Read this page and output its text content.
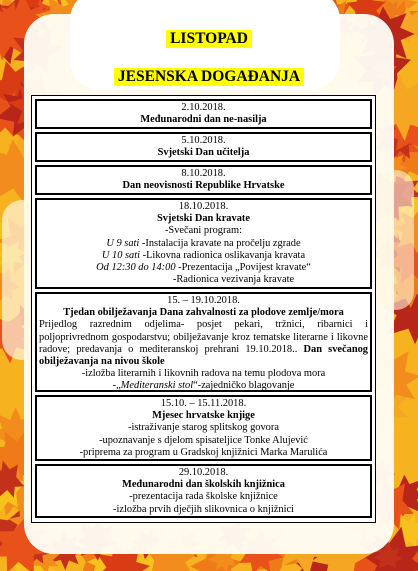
LISTOPAD
JESENSKA DOGAĐANJA
2.10.2018.
Međunarodni dan ne-nasilja
5.10.2018.
Svjetski Dan učitelja
8.10.2018.
Dan neovisnosti Republike Hrvatske
18.10.2018.
Svjetski Dan kravate
-Svečani program:
U 9 sati -Instalacija kravate na pročelju zgrade
U 10 sati -Likovna radionica oslikavanja kravata
Od 12:30 do 14:00 -Prezentacija „Povijest kravate“
-Radionica vezivanja kravate
15. – 19.10.2018.
Tjedan obilježavanja Dana zahvalnosti za plodove zemlje/mora
Prijedlog razrednim odjelima- posjet pekari, tržnici, ribarnici i poljoprivrednom gospodarstvu; obilježavanje kroz tematske literarne i likovne radove; predavanja o mediteranskoj prehrani 19.10.2018.. Dan svečanog obilježavanja na nivou škole
-izložba literarnih i likovnih radova na temu plodova mora
-„Mediteranski stol“-zajedničko blagovanje
15.10. – 15.11.2018.
Mjesec hrvatske knjige
-istraživanje starog splitskog govora
-upoznavanje s djelom spisateljice Tonke Alujević
-priprema za program u Gradskoj knjižnici Marka Marulića
29.10.2018.
Međunarodni dan školskih knjižnica
-prezentacija rada školske knjižnice
-izložba prvih dječjih slikovnica o knjižnici
